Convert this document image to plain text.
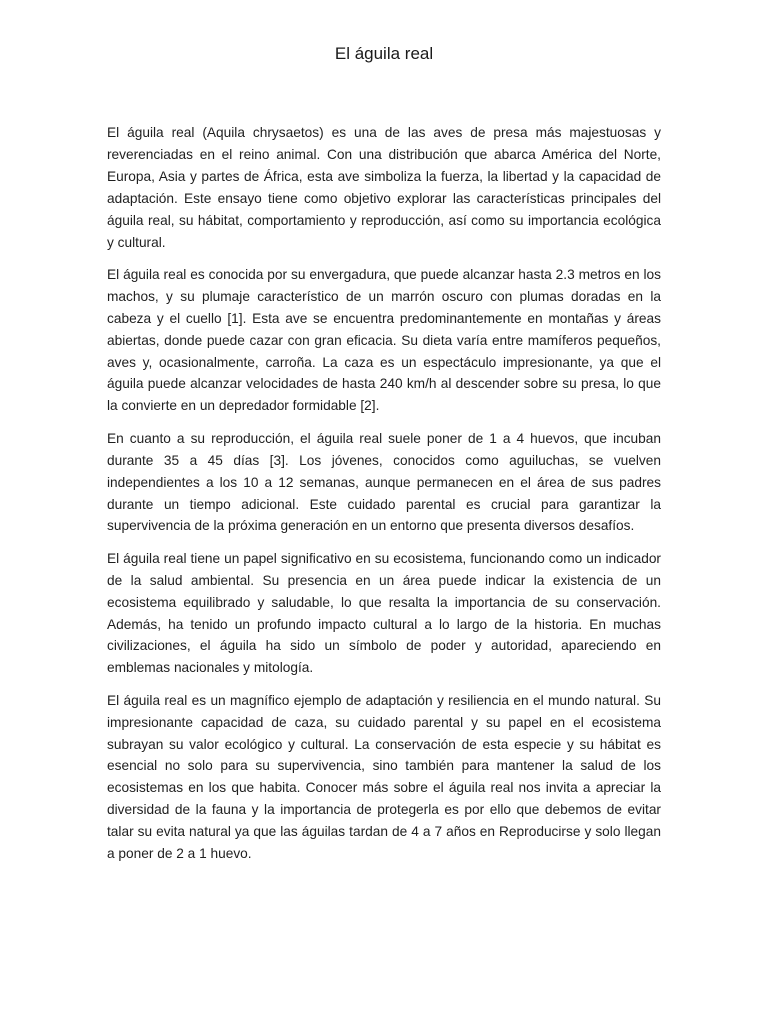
El águila real

El águila real (Aquila chrysaetos) es una de las aves de presa más majestuosas y reverenciadas en el reino animal. Con una distribución que abarca América del Norte, Europa, Asia y partes de África, esta ave simboliza la fuerza, la libertad y la capacidad de adaptación. Este ensayo tiene como objetivo explorar las características principales del águila real, su hábitat, comportamiento y reproducción, así como su importancia ecológica y cultural.

El águila real es conocida por su envergadura, que puede alcanzar hasta 2.3 metros en los machos, y su plumaje característico de un marrón oscuro con plumas doradas en la cabeza y el cuello [1]. Esta ave se encuentra predominantemente en montañas y áreas abiertas, donde puede cazar con gran eficacia. Su dieta varía entre mamíferos pequeños, aves y, ocasionalmente, carroña. La caza es un espectáculo impresionante, ya que el águila puede alcanzar velocidades de hasta 240 km/h al descender sobre su presa, lo que la convierte en un depredador formidable [2].

En cuanto a su reproducción, el águila real suele poner de 1 a 4 huevos, que incuban durante 35 a 45 días [3]. Los jóvenes, conocidos como aguiluchas, se vuelven independientes a los 10 a 12 semanas, aunque permanecen en el área de sus padres durante un tiempo adicional. Este cuidado parental es crucial para garantizar la supervivencia de la próxima generación en un entorno que presenta diversos desafíos.

El águila real tiene un papel significativo en su ecosistema, funcionando como un indicador de la salud ambiental. Su presencia en un área puede indicar la existencia de un ecosistema equilibrado y saludable, lo que resalta la importancia de su conservación. Además, ha tenido un profundo impacto cultural a lo largo de la historia. En muchas civilizaciones, el águila ha sido un símbolo de poder y autoridad, apareciendo en emblemas nacionales y mitología.

El águila real es un magnífico ejemplo de adaptación y resiliencia en el mundo natural. Su impresionante capacidad de caza, su cuidado parental y su papel en el ecosistema subrayan su valor ecológico y cultural. La conservación de esta especie y su hábitat es esencial no solo para su supervivencia, sino también para mantener la salud de los ecosistemas en los que habita. Conocer más sobre el águila real nos invita a apreciar la diversidad de la fauna y la importancia de protegerla es por ello que debemos de evitar talar su evita natural ya que las águilas tardan de 4 a 7 años en Reproducirse y solo llegan a poner de 2 a 1 huevo.
